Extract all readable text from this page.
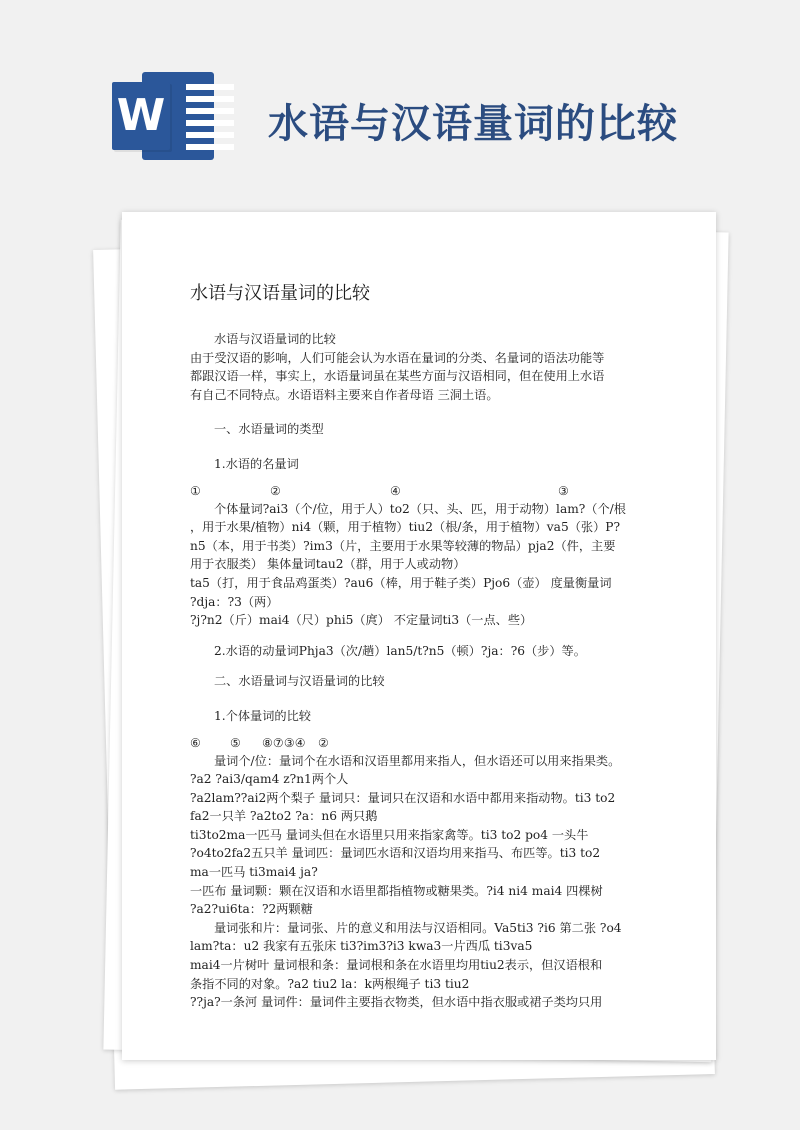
W	水语与汉语量词的比较
水语与汉语量词的比较
水语与汉语量词的比较
由于受汉语的影响，人们可能会认为水语在量词的分类、名量词的语法功能等
都跟汉语一样，事实上，水语量词虽在某些方面与汉语相同，但在使用上水语
有自己不同特点。水语语料主要来自作者母语 三洞土语。
一、水语量词的类型
1.水语的名量词
①	②	④	③
个体量词?ai3（个/位，用于人）to2（只、头、匹，用于动物）lam?（个/根
，用于水果/植物）ni4（颗，用于植物）tiu2（根/条，用于植物）va5（张）P?
n5（本，用于书类）?im3（片，主要用于水果等较薄的物品）pja2（件，主要
用于衣服类） 集体量词tau2（群，用于人或动物）
ta5（打，用于食品鸡蛋类）?au6（棒，用于鞋子类）Pjo6（壶） 度量衡量词
?dja：?3（两）
?j?n2（斤）mai4（尺）phi5（庹） 不定量词ti3（一点、些）
2.水语的动量词Phja3（次/趟）lan5/t?n5（顿）?ja：?6（步）等。
二、水语量词与汉语量词的比较
1.个体量词的比较
⑥ ⑤ ⑧⑦③④ ②
量词个/位：量词个在水语和汉语里都用来指人，但水语还可以用来指果类。
?a2 ?ai3/qam4 z?n1两个人
?a2lam??ai2两个梨子 量词只：量词只在汉语和水语中都用来指动物。ti3 to2
fa2一只羊 ?a2to2 ?a：n6 两只鹅
ti3to2ma一匹马 量词头但在水语里只用来指家禽等。ti3 to2 po4 一头牛
?o4to2fa2五只羊 量词匹：量词匹水语和汉语均用来指马、布匹等。ti3 to2
ma一匹马 ti3mai4 ja?
一匹布 量词颗：颗在汉语和水语里都指植物或糖果类。?i4 ni4 mai4 四棵树
?a2?ui6ta：?2两颗糖
量词张和片：量词张、片的意义和用法与汉语相同。Va5ti3 ?i6 第二张 ?o4
lam?ta：u2 我家有五张床 ti3?im3?i3 kwa3一片西瓜 ti3va5
mai4一片树叶 量词根和条：量词根和条在水语里均用tiu2表示，但汉语根和
条指不同的对象。?a2 tiu2 la：k两根绳子 ti3 tiu2
??ja?一条河 量词件：量词件主要指衣物类，但水语中指衣服或裙子类均只用
